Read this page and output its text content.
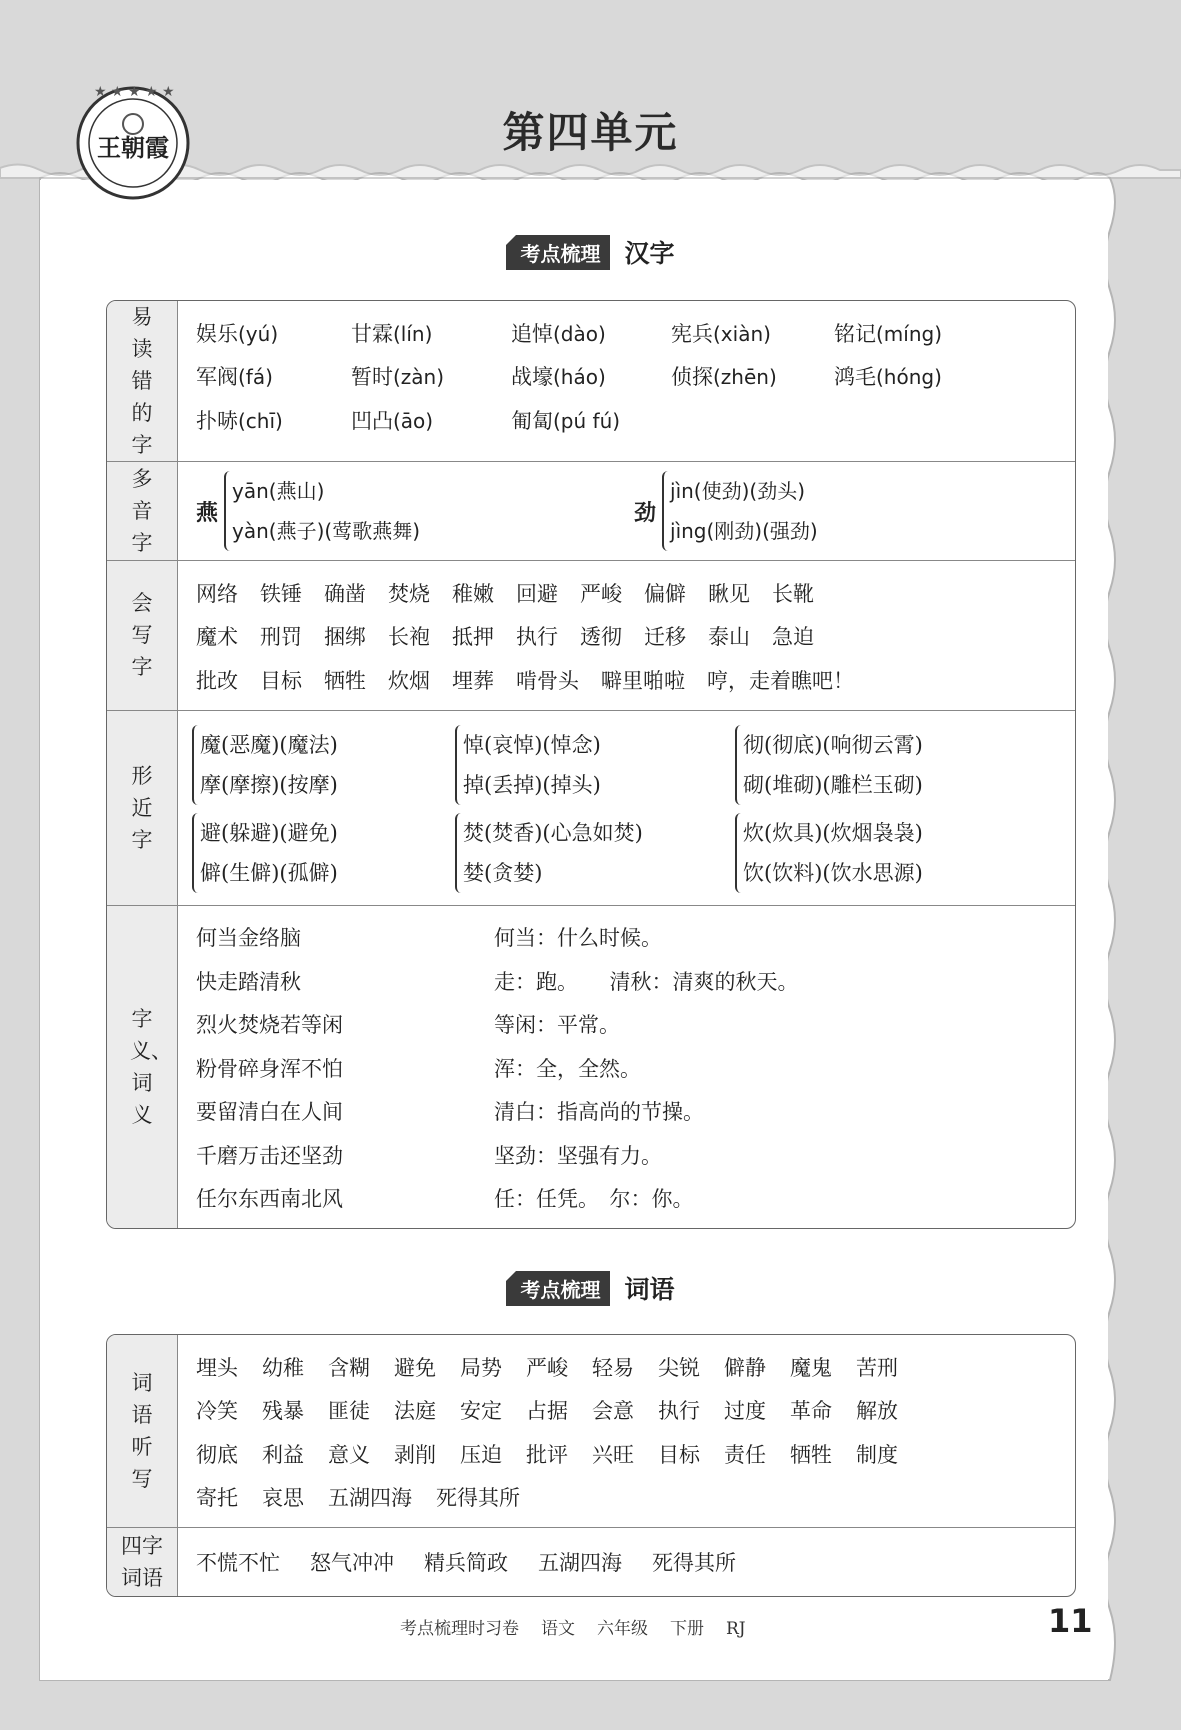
★ ★ ★ ★ ★
王朝霞	第四单元
考点梳理 汉字
易读错的字
娱乐(yú)	甘霖(lín)	追悼(dào)	宪兵(xiàn)	铭记(míng)
军阀(fá)	暂时(zàn)	战壕(háo)	侦探(zhēn)	鸿毛(hóng)
扑哧(chī)	凹凸(āo)	匍匐(pú fú)
多音字
燕
yān(燕山)
yàn(燕子)(莺歌燕舞)
劲
jìn(使劲)(劲头)
jìng(刚劲)(强劲)
会写字
网络 铁锤 确凿 焚烧 稚嫩 回避 严峻 偏僻 瞅见 长靴
魔术 刑罚 捆绑 长袍 抵押 执行 透彻 迁移 泰山 急迫
批改 目标 牺牲 炊烟 埋葬 啃骨头 噼里啪啦 哼，走着瞧吧！
形近字
魔(恶魔)(魔法)
摩(摩擦)(按摩)
悼(哀悼)(悼念)
掉(丢掉)(掉头)
彻(彻底)(响彻云霄)
砌(堆砌)(雕栏玉砌)
避(躲避)(避免)
僻(生僻)(孤僻)
焚(焚香)(心急如焚)
婪(贪婪)
炊(炊具)(炊烟袅袅)
饮(饮料)(饮水思源)
字义、词义
何当金络脑	何当：什么时候。
快走踏清秋	走：跑。　　清秋：清爽的秋天。
烈火焚烧若等闲	等闲：平常。
粉骨碎身浑不怕	浑：全，全然。
要留清白在人间	清白：指高尚的节操。
千磨万击还坚劲	坚劲：坚强有力。
任尔东西南北风	任：任凭。　尔：你。
考点梳理 词语
词语听写
埋头 幼稚 含糊 避免 局势 严峻 轻易 尖锐 僻静 魔鬼 苦刑
冷笑 残暴 匪徒 法庭 安定 占据 会意 执行 过度 革命 解放
彻底 利益 意义 剥削 压迫 批评 兴旺 目标 责任 牺牲 制度
寄托 哀思 五湖四海 死得其所
四字词语
不慌不忙 怒气冲冲 精兵简政 五湖四海 死得其所
考点梳理时习卷 语文 六年级 下册 RJ	11
